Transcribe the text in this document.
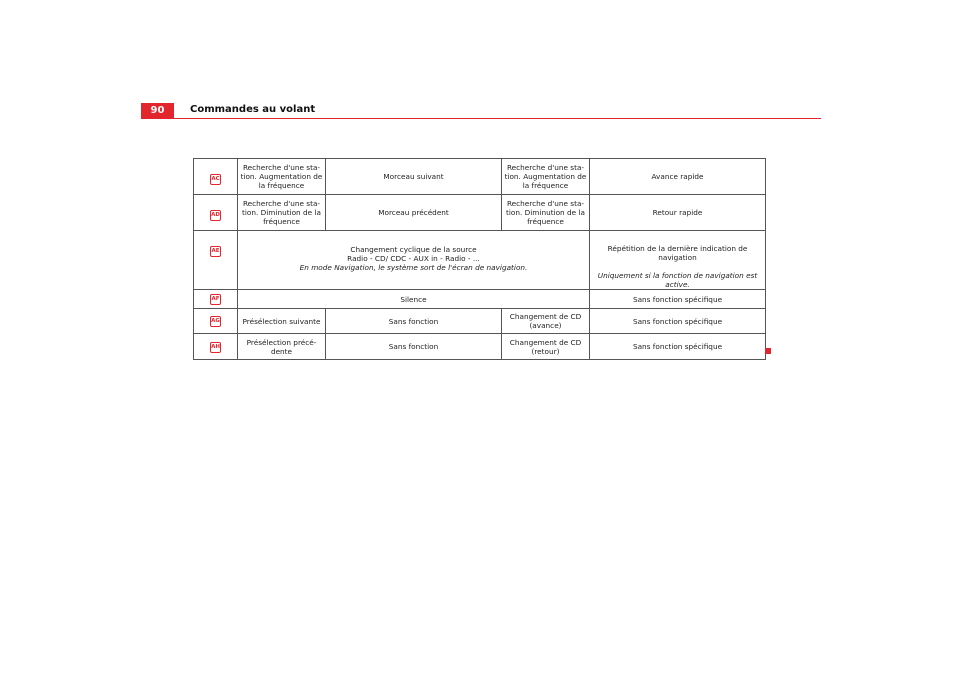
90	Commandes au volant
AC	Recherche d'une sta-
tion. Augmentation de
la fréquence	Morceau suivant	Recherche d'une sta-
tion. Augmentation de
la fréquence	Avance rapide
AD	Recherche d'une sta-
tion. Diminution de la
fréquence	Morceau précédent	Recherche d'une sta-
tion. Diminution de la
fréquence	Retour rapide
AE	Changement cyclique de la source
Radio - CD/ CDC - AUX in - Radio - ...
En mode Navigation, le système sort de l'écran de navigation.			Répétition de la dernière indication de navigation
Uniquement si la fonction de navigation est active.

AF	Silence			Sans fonction spécifique
AG	Présélection suivante	Sans fonction	Changement de CD
(avance)	Sans fonction spécifique
AH	Présélection précé-
dente	Sans fonction	Changement de CD
(retour)	Sans fonction spécifique
